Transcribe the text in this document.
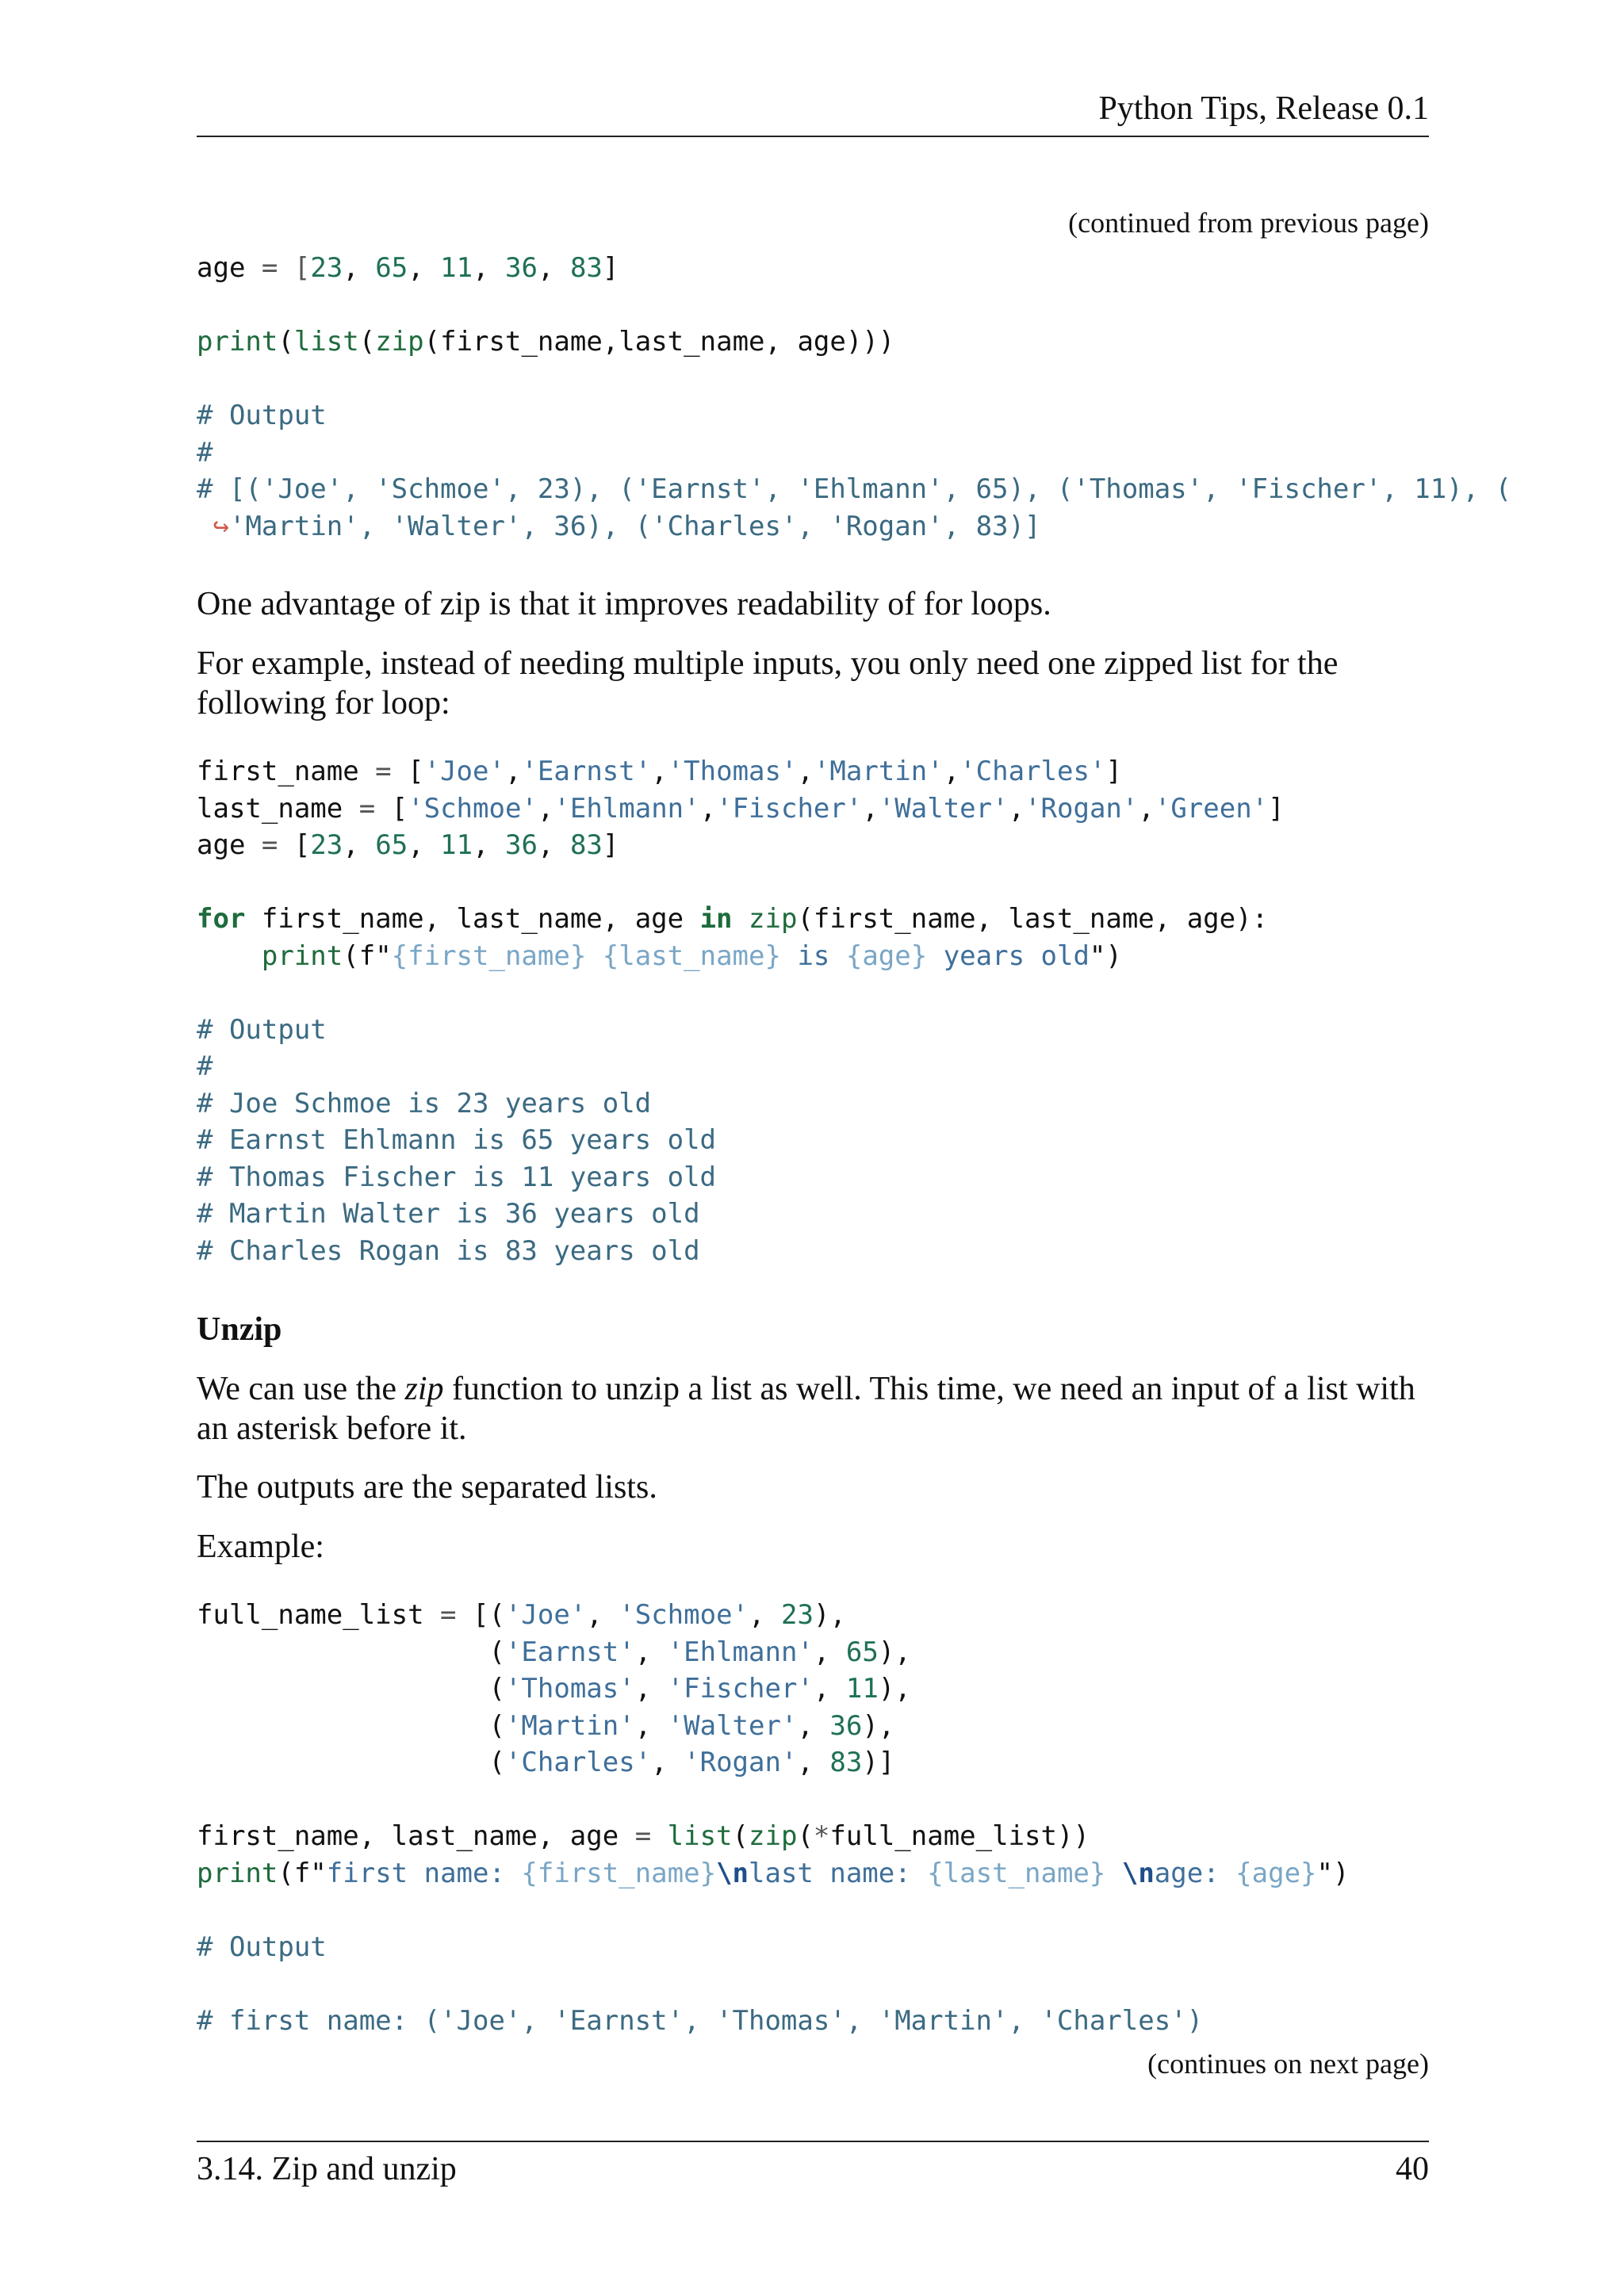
Python Tips, Release 0.1
(continued from previous page)
age = [23, 65, 11, 36, 83]

print(list(zip(first_name,last_name, age)))

# Output
#
# [('Joe', 'Schmoe', 23), ('Earnst', 'Ehlmann', 65), ('Thomas', 'Fischer', 11), (
↪'Martin', 'Walter', 36), ('Charles', 'Rogan', 83)]
One advantage of zip is that it improves readability of for loops.
For example, instead of needing multiple inputs, you only need one zipped list for the following for loop:
first_name = ['Joe','Earnst','Thomas','Martin','Charles']
last_name = ['Schmoe','Ehlmann','Fischer','Walter','Rogan','Green']
age = [23, 65, 11, 36, 83]

for first_name, last_name, age in zip(first_name, last_name, age):
print(f"{first_name} {last_name} is {age} years old")

# Output
#
# Joe Schmoe is 23 years old
# Earnst Ehlmann is 65 years old
# Thomas Fischer is 11 years old
# Martin Walter is 36 years old
# Charles Rogan is 83 years old
Unzip
We can use the zip function to unzip a list as well. This time, we need an input of a list with an asterisk before it.
The outputs are the separated lists.
Example:
full_name_list = [('Joe', 'Schmoe', 23),
('Earnst', 'Ehlmann', 65),
('Thomas', 'Fischer', 11),
('Martin', 'Walter', 36),
('Charles', 'Rogan', 83)]

first_name, last_name, age = list(zip(*full_name_list))
print(f"first name: {first_name}\nlast name: {last_name} \nage: {age}")

# Output

# first name: ('Joe', 'Earnst', 'Thomas', 'Martin', 'Charles')
(continues on next page)
3.14. Zip and unzip	40
